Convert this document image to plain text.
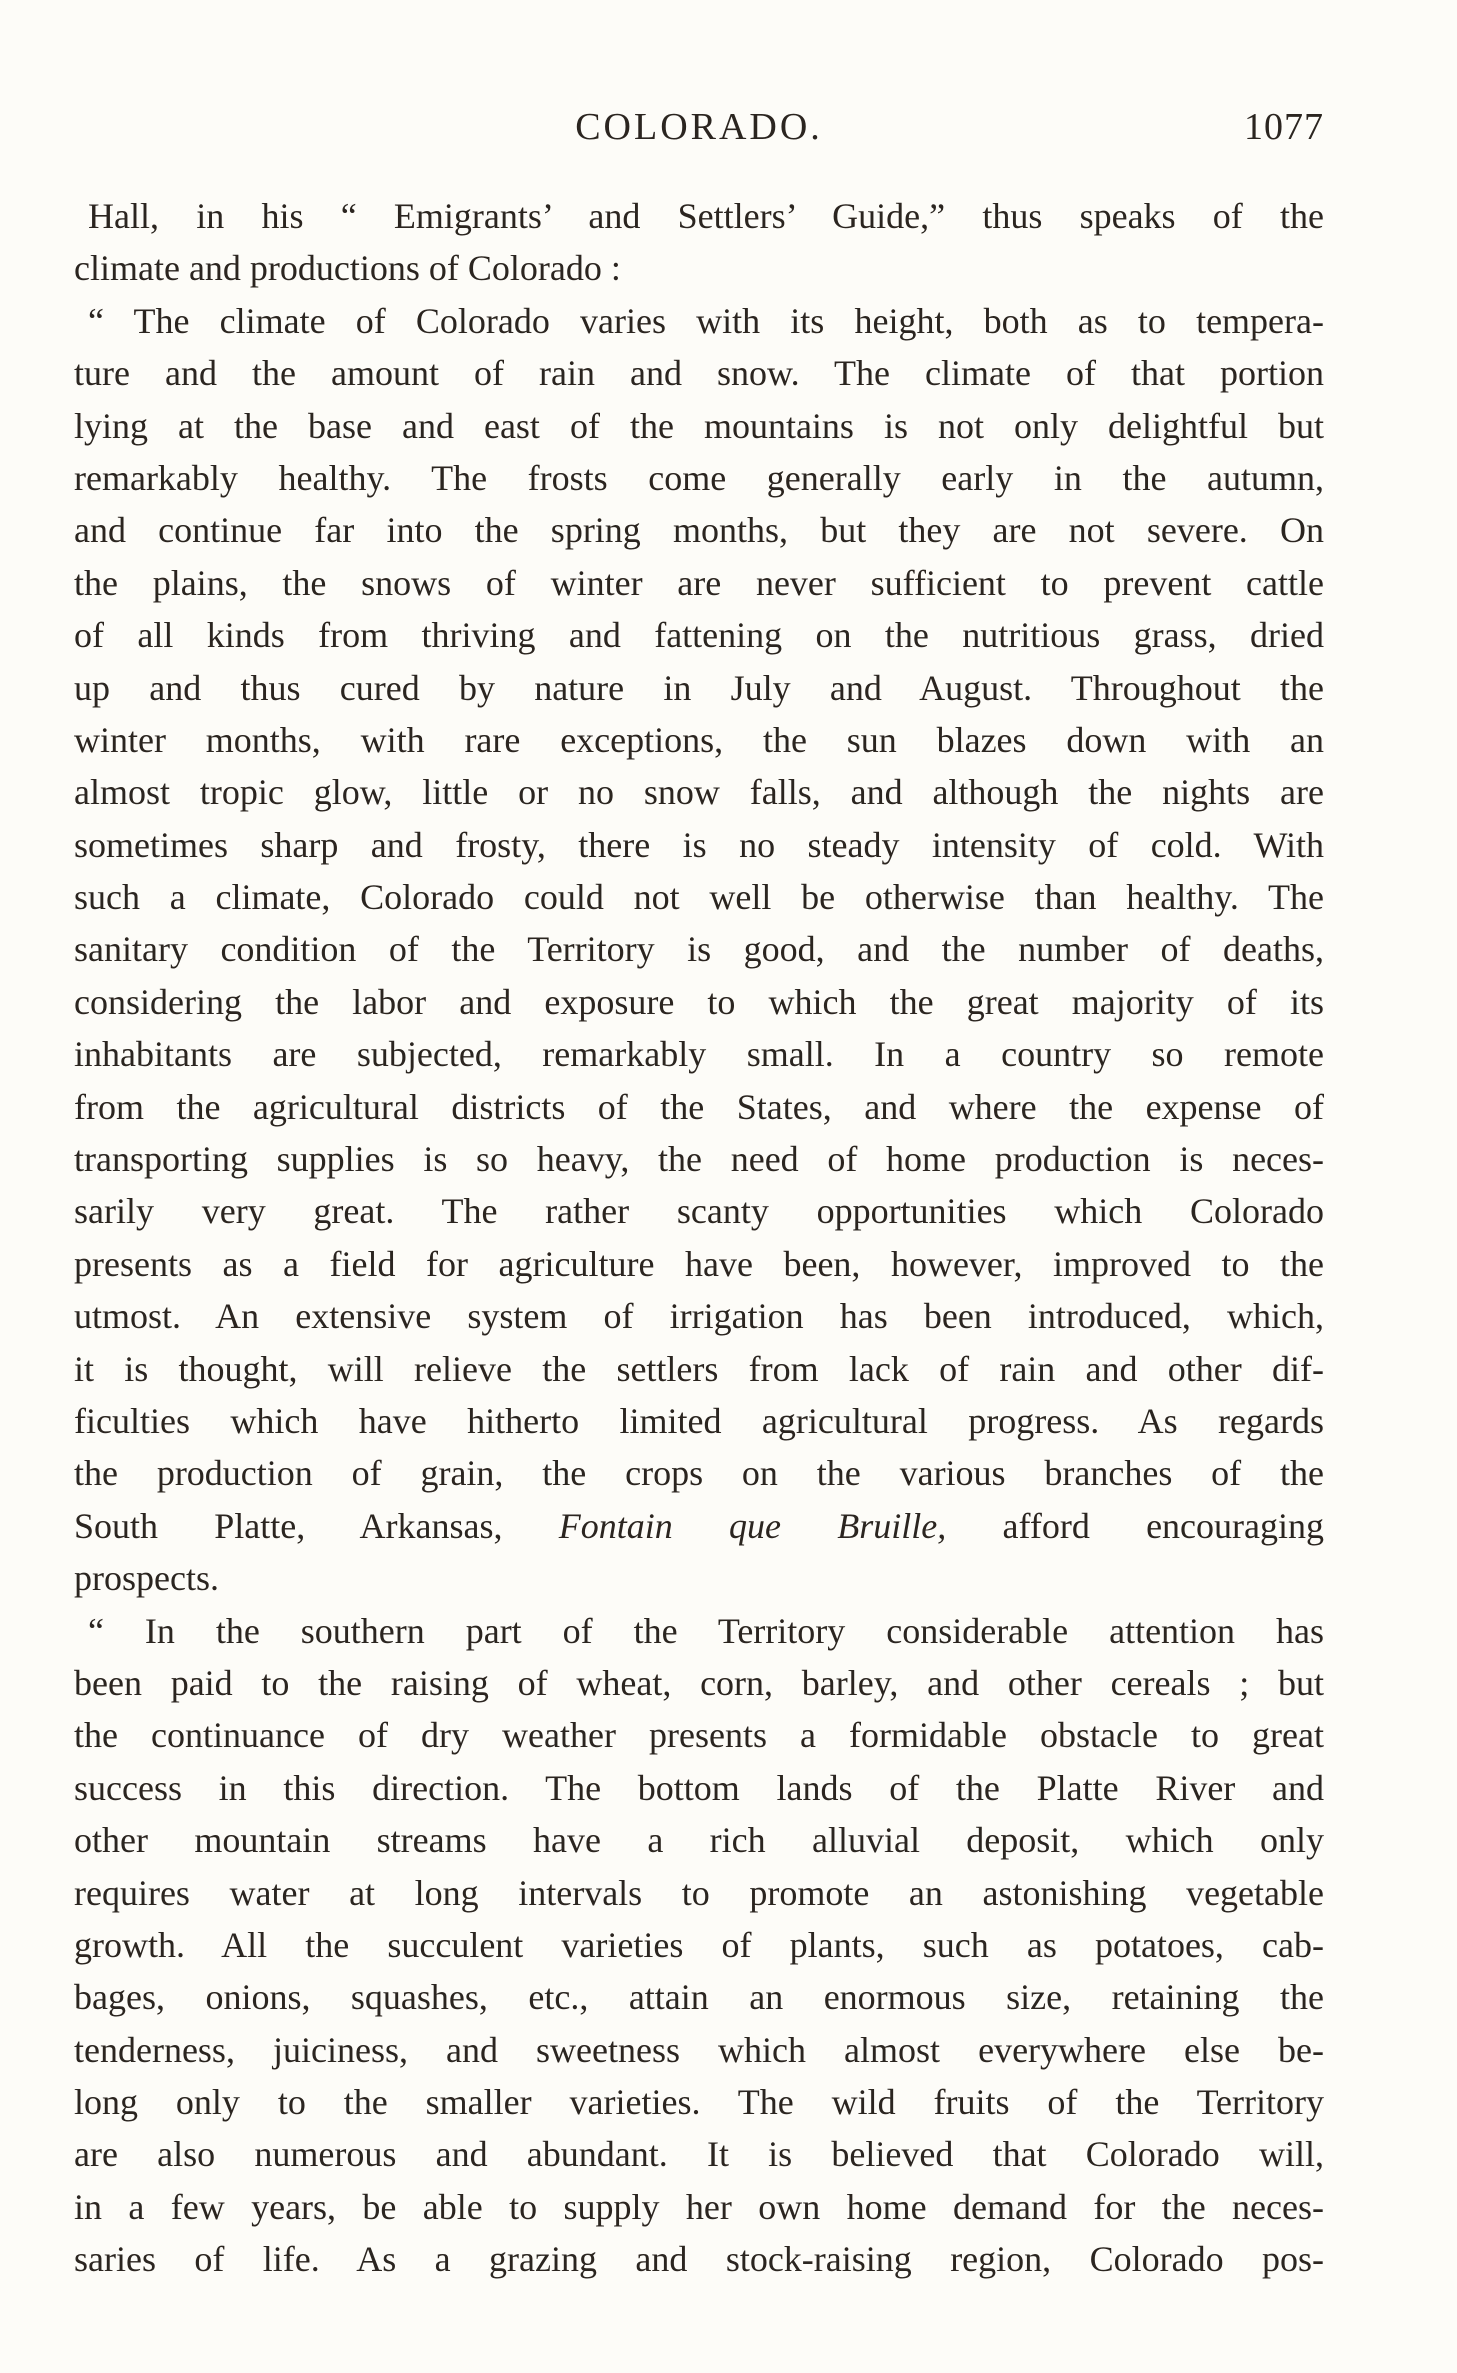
COLORADO.	1077
Hall, in his “ Emigrants’ and Settlers’ Guide,” thus speaks of the
climate and productions of Colorado :
“ The climate of Colorado varies with its height, both as to tempera-
ture and the amount of rain and snow. The climate of that portion
lying at the base and east of the mountains is not only delightful but
remarkably healthy. The frosts come generally early in the autumn,
and continue far into the spring months, but they are not severe. On
the plains, the snows of winter are never sufficient to prevent cattle
of all kinds from thriving and fattening on the nutritious grass, dried
up and thus cured by nature in July and August. Throughout the
winter months, with rare exceptions, the sun blazes down with an
almost tropic glow, little or no snow falls, and although the nights are
sometimes sharp and frosty, there is no steady intensity of cold. With
such a climate, Colorado could not well be otherwise than healthy. The
sanitary condition of the Territory is good, and the number of deaths,
considering the labor and exposure to which the great majority of its
inhabitants are subjected, remarkably small. In a country so remote
from the agricultural districts of the States, and where the expense of
transporting supplies is so heavy, the need of home production is neces-
sarily very great. The rather scanty opportunities which Colorado
presents as a field for agriculture have been, however, improved to the
utmost. An extensive system of irrigation has been introduced, which,
it is thought, will relieve the settlers from lack of rain and other dif-
ficulties which have hitherto limited agricultural progress. As regards
the production of grain, the crops on the various branches of the
South Platte, Arkansas, Fontain que Bruille, afford encouraging
prospects.
“ In the southern part of the Territory considerable attention has
been paid to the raising of wheat, corn, barley, and other cereals ; but
the continuance of dry weather presents a formidable obstacle to great
success in this direction. The bottom lands of the Platte River and
other mountain streams have a rich alluvial deposit, which only
requires water at long intervals to promote an astonishing vegetable
growth. All the succulent varieties of plants, such as potatoes, cab-
bages, onions, squashes, etc., attain an enormous size, retaining the
tenderness, juiciness, and sweetness which almost everywhere else be-
long only to the smaller varieties. The wild fruits of the Territory
are also numerous and abundant. It is believed that Colorado will,
in a few years, be able to supply her own home demand for the neces-
saries of life. As a grazing and stock-raising region, Colorado pos-
